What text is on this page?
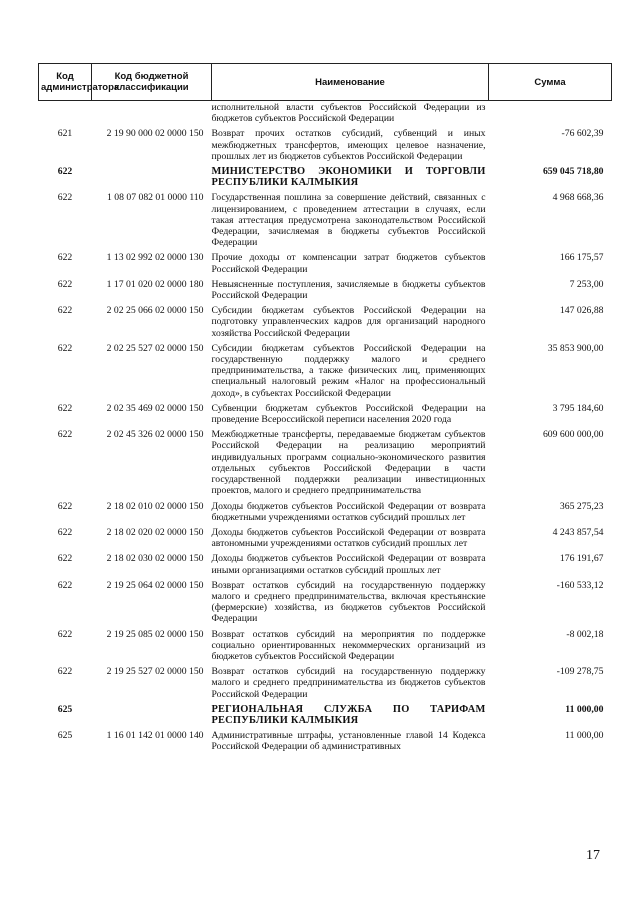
Код администратора	Код бюджетной классификации	Наименование	Сумма
		исполнительной власти субъектов Российской Федерации из бюджетов субъектов Российской Федерации	
621	2 19 90 000 02 0000 150	Возврат прочих остатков субсидий, субвенций и иных межбюджетных трансфертов, имеющих целевое назначение, прошлых лет из бюджетов субъектов Российской Федерации	-76 602,39
622		МИНИСТЕРСТВО ЭКОНОМИКИ И ТОРГОВЛИ РЕСПУБЛИКИ КАЛМЫКИЯ	659 045 718,80
622	1 08 07 082 01 0000 110	Государственная пошлина за совершение действий, связанных с лицензированием, с проведением аттестации в случаях, если такая аттестация предусмотрена законодательством Российской Федерации, зачисляемая в бюджеты субъектов Российской Федерации	4 968 668,36
622	1 13 02 992 02 0000 130	Прочие доходы от компенсации затрат бюджетов субъектов Российской Федерации	166 175,57
622	1 17 01 020 02 0000 180	Невыясненные поступления, зачисляемые в бюджеты субъектов Российской Федерации	7 253,00
622	2 02 25 066 02 0000 150	Субсидии бюджетам субъектов Российской Федерации на подготовку управленческих кадров для организаций народного хозяйства Российской Федерации	147 026,88
622	2 02 25 527 02 0000 150	Субсидии бюджетам субъектов Российской Федерации на государственную поддержку малого и среднего предпринимательства, а также физических лиц, применяющих специальный налоговый режим «Налог на профессиональный доход», в субъектах Российской Федерации	35 853 900,00
622	2 02 35 469 02 0000 150	Субвенции бюджетам субъектов Российской Федерации на проведение Всероссийской переписи населения 2020 года	3 795 184,60
622	2 02 45 326 02 0000 150	Межбюджетные трансферты, передаваемые бюджетам субъектов Российской Федерации на реализацию мероприятий индивидуальных программ социально-экономического развития отдельных субъектов Российской Федерации в части государственной поддержки реализации инвестиционных проектов, малого и среднего предпринимательства	609 600 000,00
622	2 18 02 010 02 0000 150	Доходы бюджетов субъектов Российской Федерации от возврата бюджетными учреждениями остатков субсидий прошлых лет	365 275,23
622	2 18 02 020 02 0000 150	Доходы бюджетов субъектов Российской Федерации от возврата автономными учреждениями остатков субсидий прошлых лет	4 243 857,54
622	2 18 02 030 02 0000 150	Доходы бюджетов субъектов Российской Федерации от возврата иными организациями остатков субсидий прошлых лет	176 191,67
622	2 19 25 064 02 0000 150	Возврат остатков субсидий на государственную поддержку малого и среднего предпринимательства, включая крестьянские (фермерские) хозяйства, из бюджетов субъектов Российской Федерации	-160 533,12
622	2 19 25 085 02 0000 150	Возврат остатков субсидий на мероприятия по поддержке социально ориентированных некоммерческих организаций из бюджетов субъектов Российской Федерации	-8 002,18
622	2 19 25 527 02 0000 150	Возврат остатков субсидий на государственную поддержку малого и среднего предпринимательства из бюджетов субъектов Российской Федерации	-109 278,75
625		РЕГИОНАЛЬНАЯ СЛУЖБА ПО ТАРИФАМ РЕСПУБЛИКИ КАЛМЫКИЯ	11 000,00
625	1 16 01 142 01 0000 140	Административные штрафы, установленные главой 14 Кодекса Российской Федерации об административных	11 000,00
17
